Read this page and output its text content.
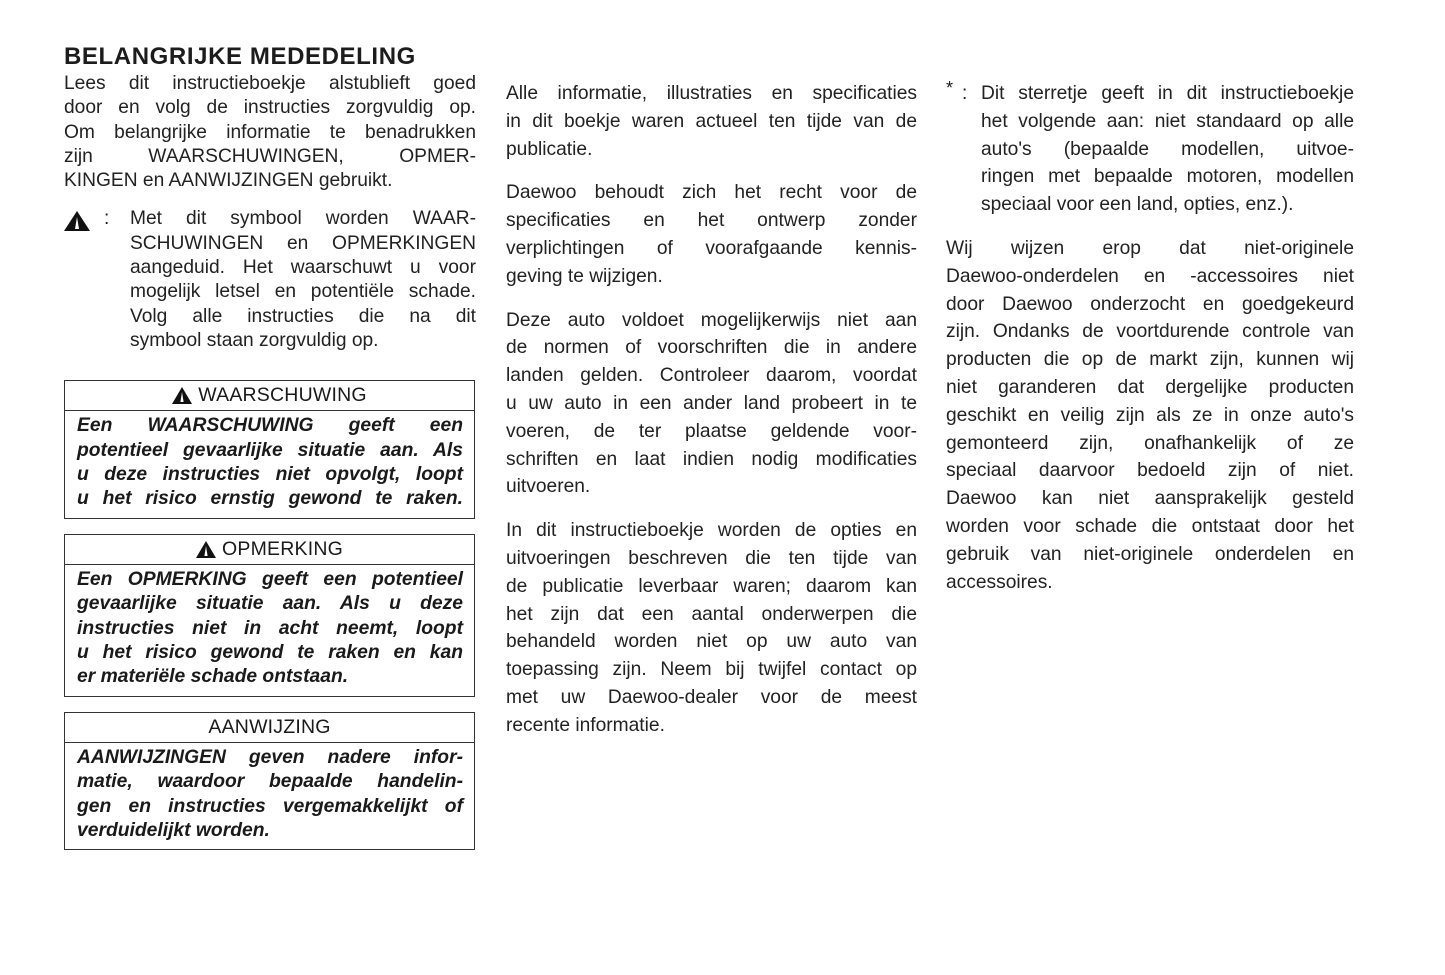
BELANGRIJKE MEDEDELING
Lees dit instructieboekje alstublieft goed
door en volg de instructies zorgvuldig op.
Om belangrijke informatie te benadrukken
zijn WAARSCHUWINGEN, OPMER-
KINGEN en AANWIJZINGEN gebruikt.
: Met dit symbool worden WAAR-
SCHUWINGEN en OPMERKINGEN
aangeduid. Het waarschuwt u voor
mogelijk letsel en potentiële schade.
Volg alle instructies die na dit
symbool staan zorgvuldig op.
WAARSCHUWING
Een WAARSCHUWING geeft een
potentieel gevaarlijke situatie aan. Als
u deze instructies niet opvolgt, loopt
u het risico ernstig gewond te raken.
OPMERKING
Een OPMERKING geeft een potentieel
gevaarlijke situatie aan. Als u deze
instructies niet in acht neemt, loopt
u het risico gewond te raken en kan
er materiële schade ontstaan.
AANWIJZING
AANWIJZINGEN geven nadere infor-
matie, waardoor bepaalde handelin-
gen en instructies vergemakkelijkt of
verduidelijkt worden.
Alle informatie, illustraties en specificaties
in dit boekje waren actueel ten tijde van de
publicatie.
Daewoo behoudt zich het recht voor de
specificaties en het ontwerp zonder
verplichtingen of voorafgaande kennis-
geving te wijzigen.
Deze auto voldoet mogelijkerwijs niet aan
de normen of voorschriften die in andere
landen gelden. Controleer daarom, voordat
u uw auto in een ander land probeert in te
voeren, de ter plaatse geldende voor-
schriften en laat indien nodig modificaties
uitvoeren.
In dit instructieboekje worden de opties en
uitvoeringen beschreven die ten tijde van
de publicatie leverbaar waren; daarom kan
het zijn dat een aantal onderwerpen die
behandeld worden niet op uw auto van
toepassing zijn. Neem bij twijfel contact op
met uw Daewoo-dealer voor de meest
recente informatie.
* : Dit sterretje geeft in dit instructieboekje
het volgende aan: niet standaard op alle
auto's (bepaalde modellen, uitvoe-
ringen met bepaalde motoren, modellen
speciaal voor een land, opties, enz.).
Wij wijzen erop dat niet-originele
Daewoo-onderdelen en -accessoires niet
door Daewoo onderzocht en goedgekeurd
zijn. Ondanks de voortdurende controle van
producten die op de markt zijn, kunnen wij
niet garanderen dat dergelijke producten
geschikt en veilig zijn als ze in onze auto's
gemonteerd zijn, onafhankelijk of ze
speciaal daarvoor bedoeld zijn of niet.
Daewoo kan niet aansprakelijk gesteld
worden voor schade die ontstaat door het
gebruik van niet-originele onderdelen en
accessoires.
